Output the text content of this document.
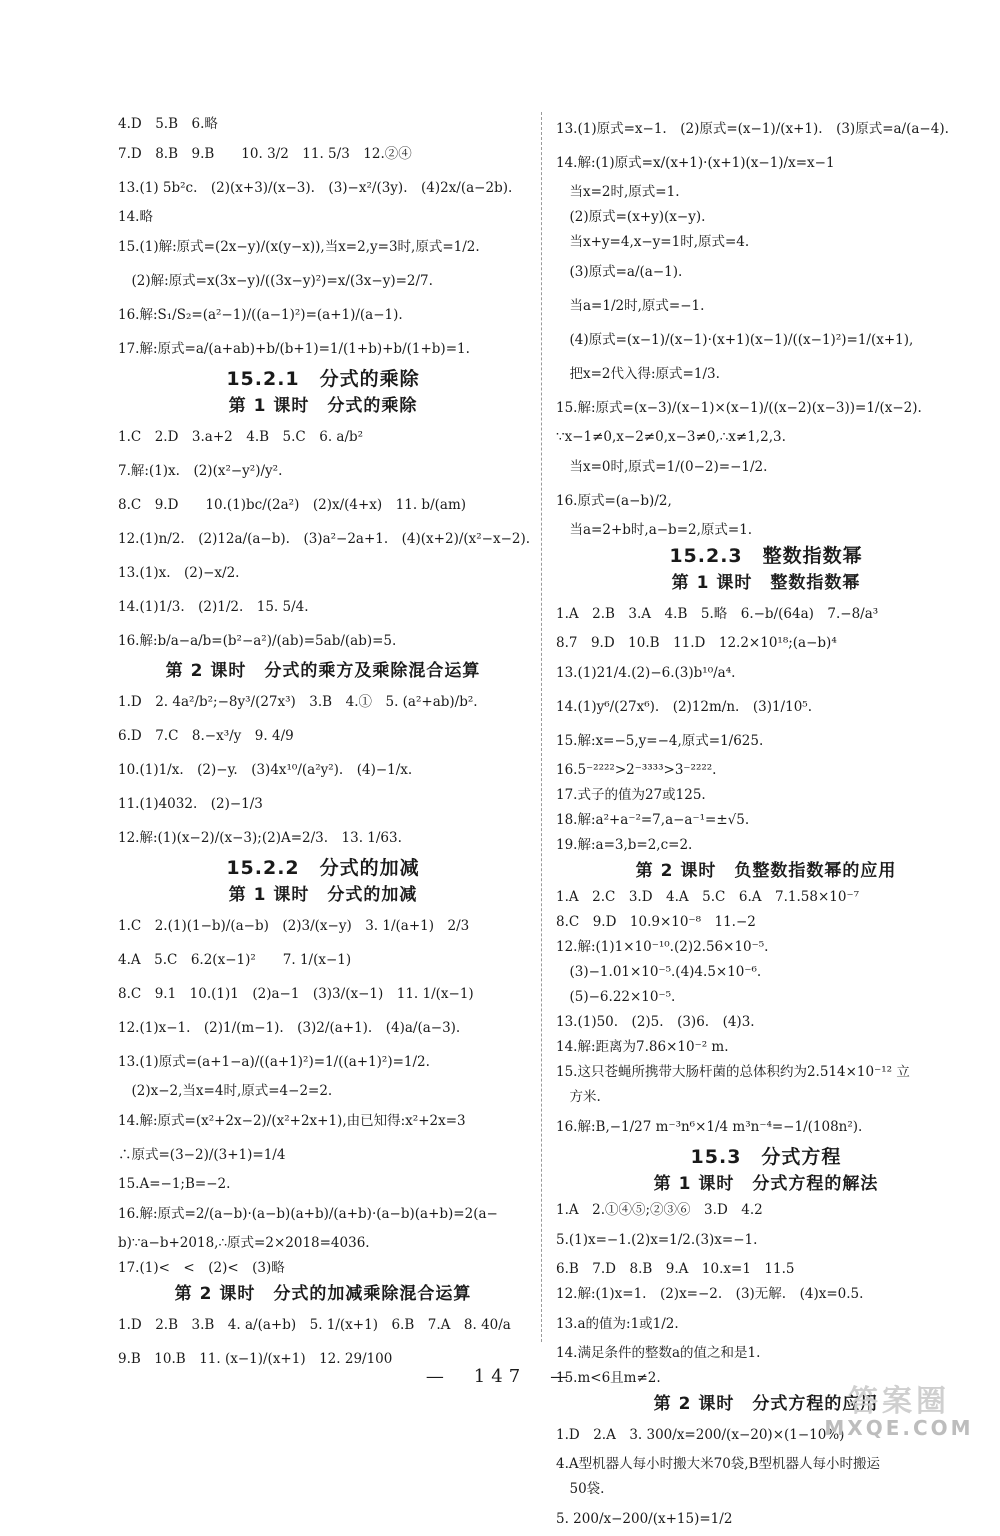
4.D　5.B　6.略
7.D　8.B　9.B　　10. 3/2　11. 5/3　12.②④
13.(1) 5b²c.　(2)(x+3)/(x−3).　(3)−x²/(3y).　(4)2x/(a−2b).
14.略
15.(1)解:原式=(2x−y)/(x(y−x)),当x=2,y=3时,原式=1/2.
　(2)解:原式=x(3x−y)/((3x−y)²)=x/(3x−y)=2/7.
16.解:S₁/S₂=(a²−1)/((a−1)²)=(a+1)/(a−1).
17.解:原式=a/(a+ab)+b/(b+1)=1/(1+b)+b/(1+b)=1.
15.2.1　分式的乘除
第 1 课时　分式的乘除
1.C　2.D　3.a+2　4.B　5.C　6. a/b²
7.解:(1)x.　(2)(x²−y²)/y².
8.C　9.D　　10.(1)bc/(2a²)　(2)x/(4+x)　11. b/(am)
12.(1)n/2.　(2)12a/(a−b).　(3)a²−2a+1.　(4)(x+2)/(x²−x−2).
13.(1)x.　(2)−x/2.
14.(1)1/3.　(2)1/2.　15. 5/4.
16.解:b/a−a/b=(b²−a²)/(ab)=5ab/(ab)=5.
第 2 课时　分式的乘方及乘除混合运算
1.D　2. 4a²/b²;−8y³/(27x³)　3.B　4.①　5. (a²+ab)/b².
6.D　7.C　8.−x³/y　9. 4/9
10.(1)1/x.　(2)−y.　(3)4x¹⁰/(a²y²).　(4)−1/x.
11.(1)4032.　(2)−1/3
12.解:(1)(x−2)/(x−3);(2)A=2/3.　13. 1/63.
15.2.2　分式的加减
第 1 课时　分式的加减
1.C　2.(1)(1−b)/(a−b)　(2)3/(x−y)　3. 1/(a+1)　2/3
4.A　5.C　6.2(x−1)²　　7. 1/(x−1)
8.C　9.1　10.(1)1　(2)a−1　(3)3/(x−1)　11. 1/(x−1)
12.(1)x−1.　(2)1/(m−1).　(3)2/(a+1).　(4)a/(a−3).
13.(1)原式=(a+1−a)/((a+1)²)=1/((a+1)²)=1/2.
　(2)x−2,当x=4时,原式=4−2=2.
14.解:原式=(x²+2x−2)/(x²+2x+1),由已知得:x²+2x=3
∴原式=(3−2)/(3+1)=1/4
15.A=−1;B=−2.
16.解:原式=2/(a−b)·(a−b)(a+b)/(a+b)·(a−b)(a+b)=2(a−
b)∵a−b+2018,∴原式=2×2018=4036.
17.(1)<　<　(2)<　(3)略
第 2 课时　分式的加减乘除混合运算
1.D　2.B　3.B　4. a/(a+b)　5. 1/(x+1)　6.B　7.A　8. 40/a
9.B　10.B　11. (x−1)/(x+1)　12. 29/100
13.(1)原式=x−1.　(2)原式=(x−1)/(x+1).　(3)原式=a/(a−4).
14.解:(1)原式=x/(x+1)·(x+1)(x−1)/x=x−1
　当x=2时,原式=1.
　(2)原式=(x+y)(x−y).
　当x+y=4,x−y=1时,原式=4.
　(3)原式=a/(a−1).
　当a=1/2时,原式=−1.
　(4)原式=(x−1)/(x−1)·(x+1)(x−1)/((x−1)²)=1/(x+1),
　把x=2代入得:原式=1/3.
15.解:原式=(x−3)/(x−1)×(x−1)/((x−2)(x−3))=1/(x−2).
∵x−1≠0,x−2≠0,x−3≠0,∴x≠1,2,3.
　当x=0时,原式=1/(0−2)=−1/2.
16.原式=(a−b)/2,
　当a=2+b时,a−b=2,原式=1.
15.2.3　整数指数幂
第 1 课时　整数指数幂
1.A　2.B　3.A　4.B　5.略　6.−b/(64a)　7.−8/a³
8.7　9.D　10.B　11.D　12.2×10¹⁸;(a−b)⁴
13.(1)21/4.(2)−6.(3)b¹⁰/a⁴.
14.(1)y⁶/(27x⁶).　(2)12m/n.　(3)1/10⁵.
15.解:x=−5,y=−4,原式=1/625.
16.5⁻²²²²>2⁻³³³³>3⁻²²²².
17.式子的值为27或125.
18.解:a²+a⁻²=7,a−a⁻¹=±√5.
19.解:a=3,b=2,c=2.
第 2 课时　负整数指数幂的应用
1.A　2.C　3.D　4.A　5.C　6.A　7.1.58×10⁻⁷
8.C　9.D　10.9×10⁻⁸　11.−2
12.解:(1)1×10⁻¹⁰.(2)2.56×10⁻⁵.
　(3)−1.01×10⁻⁵.(4)4.5×10⁻⁶.
　(5)−6.22×10⁻⁵.
13.(1)50.　(2)5.　(3)6.　(4)3.
14.解:距离为7.86×10⁻² m.
15.这只苍蝇所携带大肠杆菌的总体积约为2.514×10⁻¹² 立
　方米.
16.解:B,−1/27 m⁻³n⁶×1/4 m³n⁻⁴=−1/(108n²).
15.3　分式方程
第 1 课时　分式方程的解法
1.A　2.①④⑤;②③⑥　3.D　4.2
5.(1)x=−1.(2)x=1/2.(3)x=−1.
6.B　7.D　8.B　9.A　10.x=1　11.5
12.解:(1)x=1.　(2)x=−2.　(3)无解.　(4)x=0.5.
13.a的值为:1或1/2.
14.满足条件的整数a的值之和是1.
15.m<6且m≠2.
第 2 课时　分式方程的应用
1.D　2.A　3. 300/x=200/(x−20)×(1−10%)
4.A型机器人每小时搬大米70袋,B型机器人每小时搬运
　50袋.
5. 200/x−200/(x+15)=1/2
—　147　—
答案圈
MXQE.COM
